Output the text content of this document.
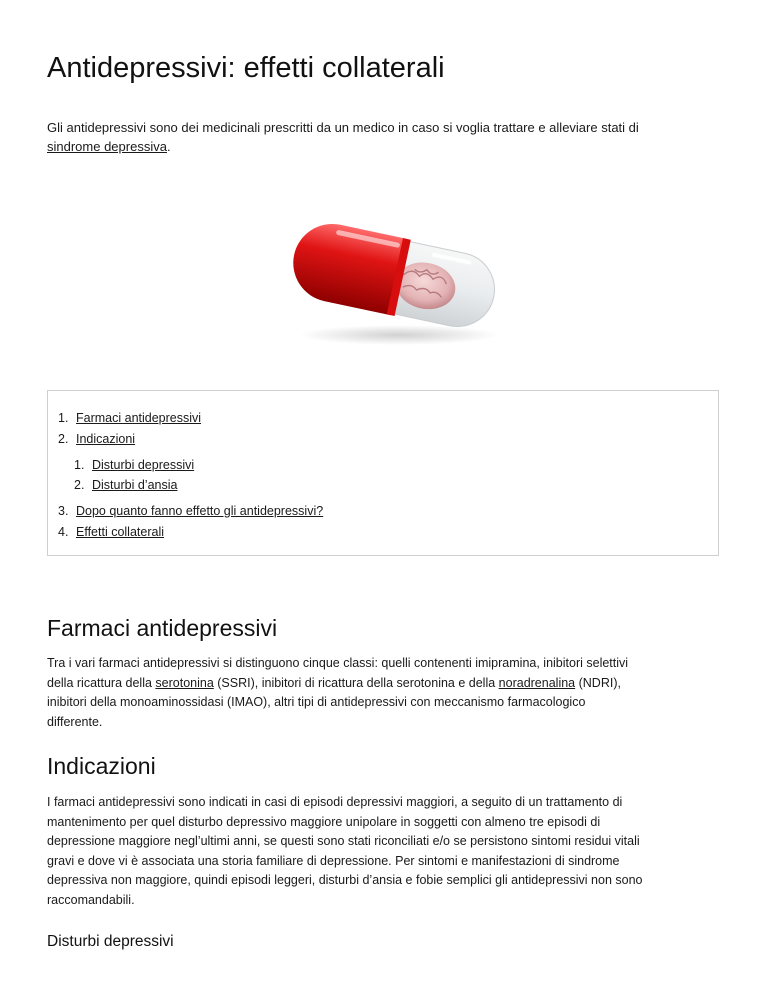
Antidepressivi: effetti collaterali

Gli antidepressivi sono dei medicinali prescritti da un medico in caso si voglia trattare e alleviare stati di
sindrome depressiva.

1. Farmaci antidepressivi
2. Indicazioni
1. Disturbi depressivi
2. Disturbi d’ansia
3. Dopo quanto fanno effetto gli antidepressivi?
4. Effetti collaterali
Farmaci antidepressivi

Tra i vari farmaci antidepressivi si distinguono cinque classi: quelli contenenti imipramina, inibitori selettivi
della ricattura della serotonina (SSRI), inibitori di ricattura della serotonina e della noradrenalina (NDRI),
inibitori della monoaminossidasi (IMAO), altri tipi di antidepressivi con meccanismo farmacologico
differente.

Indicazioni

I farmaci antidepressivi sono indicati in casi di episodi depressivi maggiori, a seguito di un trattamento di
mantenimento per quel disturbo depressivo maggiore unipolare in soggetti con almeno tre episodi di
depressione maggiore negl’ultimi anni, se questi sono stati riconciliati e/o se persistono sintomi residui vitali
gravi e dove vi è associata una storia familiare di depressione. Per sintomi e manifestazioni di sindrome
depressiva non maggiore, quindi episodi leggeri, disturbi d’ansia e fobie semplici gli antidepressivi non sono
raccomandabili.

Disturbi depressivi
